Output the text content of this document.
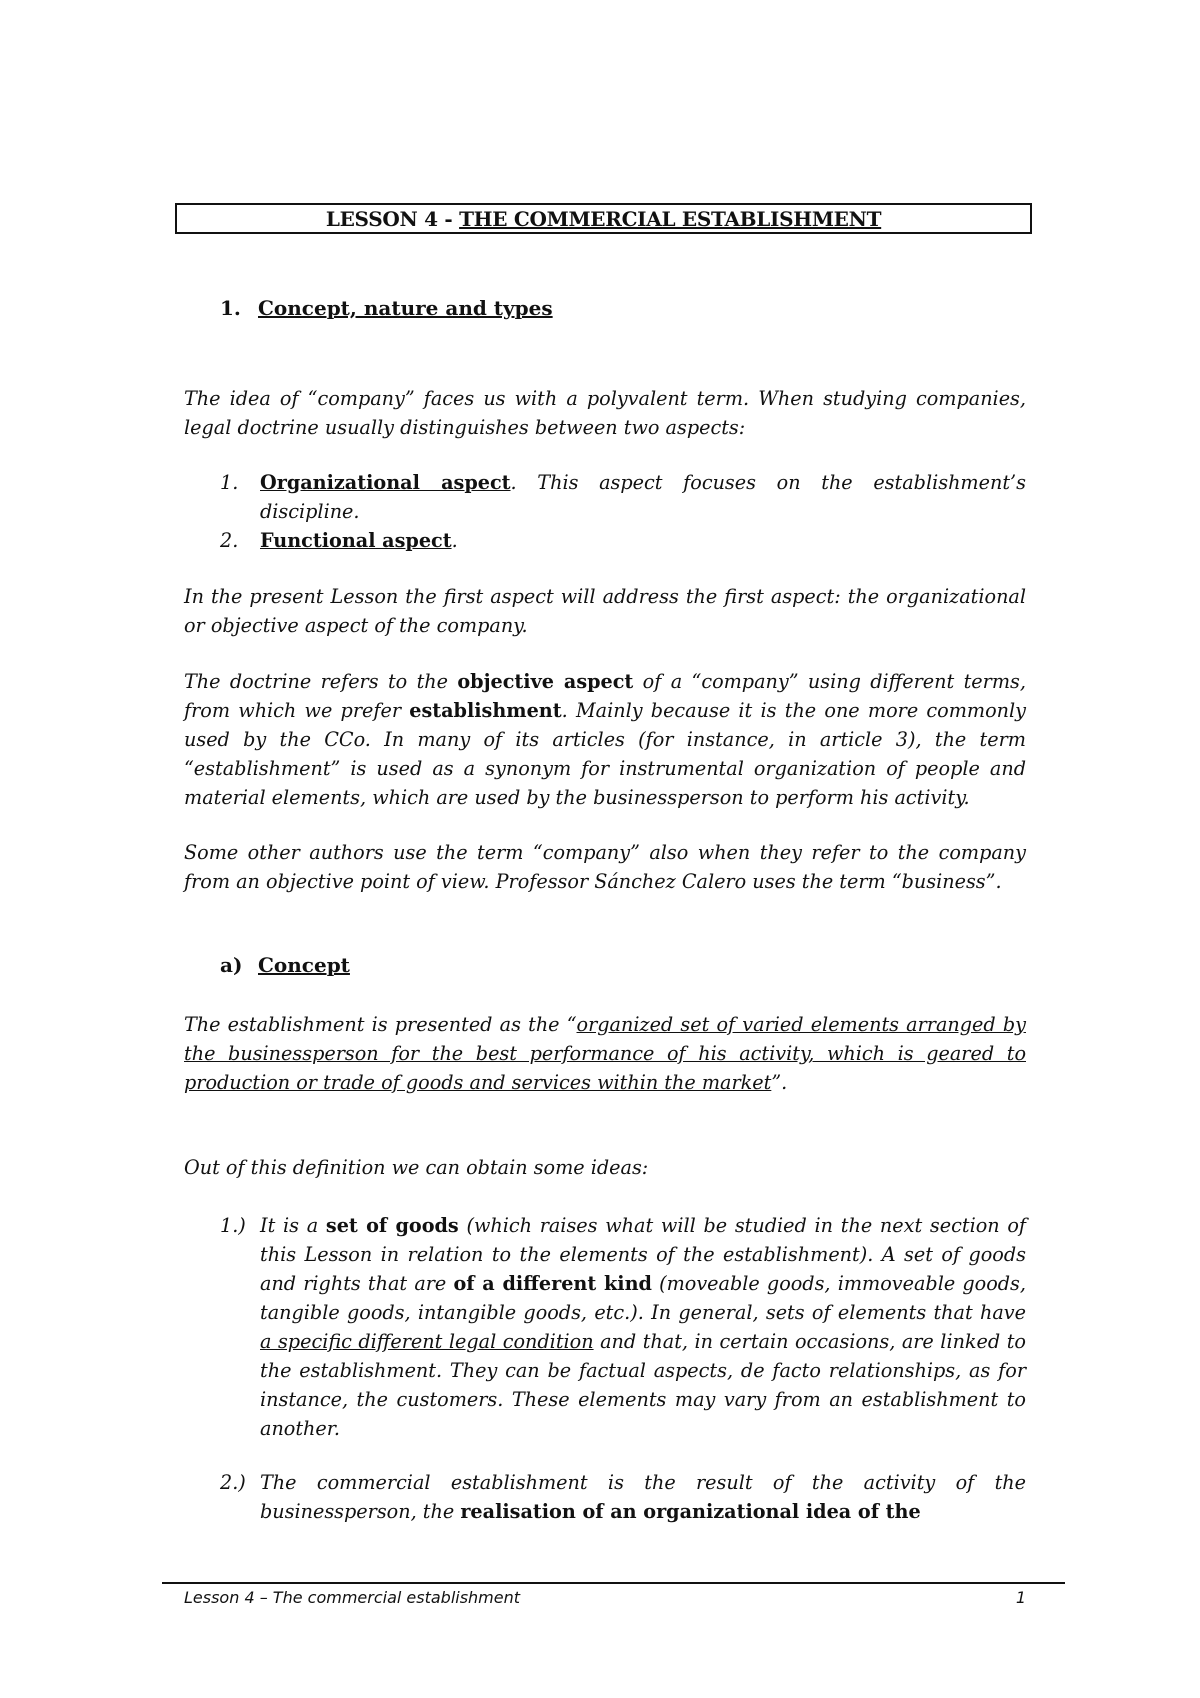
LESSON 4 -
THE COMMERCIAL ESTABLISHMENT
1. Concept, nature and types

The idea of “company” faces us with a polyvalent term. When studying companies, legal doctrine usually distinguishes between two aspects:

1. Organizational aspect. This aspect focuses on the establishment’s discipline.
2. Functional aspect.

In the present Lesson the first aspect will address the first aspect: the organizational or objective aspect of the company.

The doctrine refers to the objective aspect of a “company” using different terms, from which we prefer establishment. Mainly because it is the one more commonly used by the CCo. In many of its articles (for instance, in article 3), the term “establishment” is used as a synonym for instrumental organization of people and material elements, which are used by the businessperson to perform his activity.

Some other authors use the term “company” also when they refer to the company from an objective point of view. Professor Sánchez Calero uses the term “business”.

a) Concept

The establishment is presented as the “organized set of varied elements arranged by the businessperson for the best performance of his activity, which is geared to production or trade of goods and services within the market”.

Out of this definition we can obtain some ideas:

1.) It is a set of goods (which raises what will be studied in the next section of this Lesson in relation to the elements of the establishment). A set of goods and rights that are of a different kind (moveable goods, immoveable goods, tangible goods, intangible goods, etc.). In general, sets of elements that have a specific different legal condition and that, in certain occasions, are linked to the establishment. They can be factual aspects, de facto relationships, as for instance, the customers. These elements may vary from an establishment to another.
2.) The commercial establishment is the result of the activity of the businessperson, the realisation of an organizational idea of the
Lesson 4 – The commercial establishment	1
